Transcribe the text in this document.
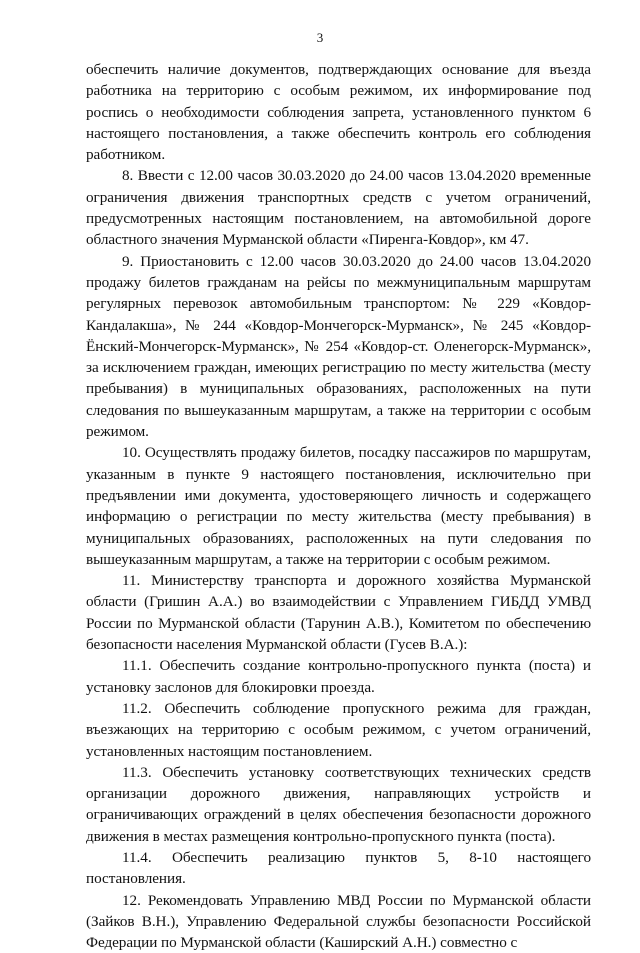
3

обеспечить наличие документов, подтверждающих основание для въезда работника на территорию с особым режимом, их информирование под роспись о необходимости соблюдения запрета, установленного пунктом 6 настоящего постановления, а также обеспечить контроль его соблюдения работником.

8. Ввести с 12.00 часов 30.03.2020 до 24.00 часов 13.04.2020 временные ограничения движения транспортных средств с учетом ограничений, предусмотренных настоящим постановлением, на автомобильной дороге областного значения Мурманской области «Пиренга-Ковдор», км 47.

9. Приостановить с 12.00 часов 30.03.2020 до 24.00 часов 13.04.2020 продажу билетов гражданам на рейсы по межмуниципальным маршрутам регулярных перевозок автомобильным транспортом: № 229 «Ковдор-Кандалакша», № 244 «Ковдор-Мончегорск-Мурманск», № 245 «Ковдор-Ёнский-Мончегорск-Мурманск», № 254 «Ковдор-ст. Оленегорск-Мурманск», за исключением граждан, имеющих регистрацию по месту жительства (месту пребывания) в муниципальных образованиях, расположенных на пути следования по вышеуказанным маршрутам, а также на территории с особым режимом.

10. Осуществлять продажу билетов, посадку пассажиров по маршрутам, указанным в пункте 9 настоящего постановления, исключительно при предъявлении ими документа, удостоверяющего личность и содержащего информацию о регистрации по месту жительства (месту пребывания) в муниципальных образованиях, расположенных на пути следования по вышеуказанным маршрутам, а также на территории с особым режимом.

11. Министерству транспорта и дорожного хозяйства Мурманской области (Гришин А.А.) во взаимодействии с Управлением ГИБДД УМВД России по Мурманской области (Тарунин А.В.), Комитетом по обеспечению безопасности населения Мурманской области (Гусев В.А.):

11.1. Обеспечить создание контрольно-пропускного пункта (поста) и установку заслонов для блокировки проезда.

11.2. Обеспечить соблюдение пропускного режима для граждан, въезжающих на территорию с особым режимом, с учетом ограничений, установленных настоящим постановлением.

11.3. Обеспечить установку соответствующих технических средств организации дорожного движения, направляющих устройств и ограничивающих ограждений в целях обеспечения безопасности дорожного движения в местах размещения контрольно-пропускного пункта (поста).

11.4. Обеспечить реализацию пунктов 5, 8-10 настоящего постановления.

12. Рекомендовать Управлению МВД России по Мурманской области (Зайков В.Н.), Управлению Федеральной службы безопасности Российской Федерации по Мурманской области (Каширский А.Н.) совместно с
